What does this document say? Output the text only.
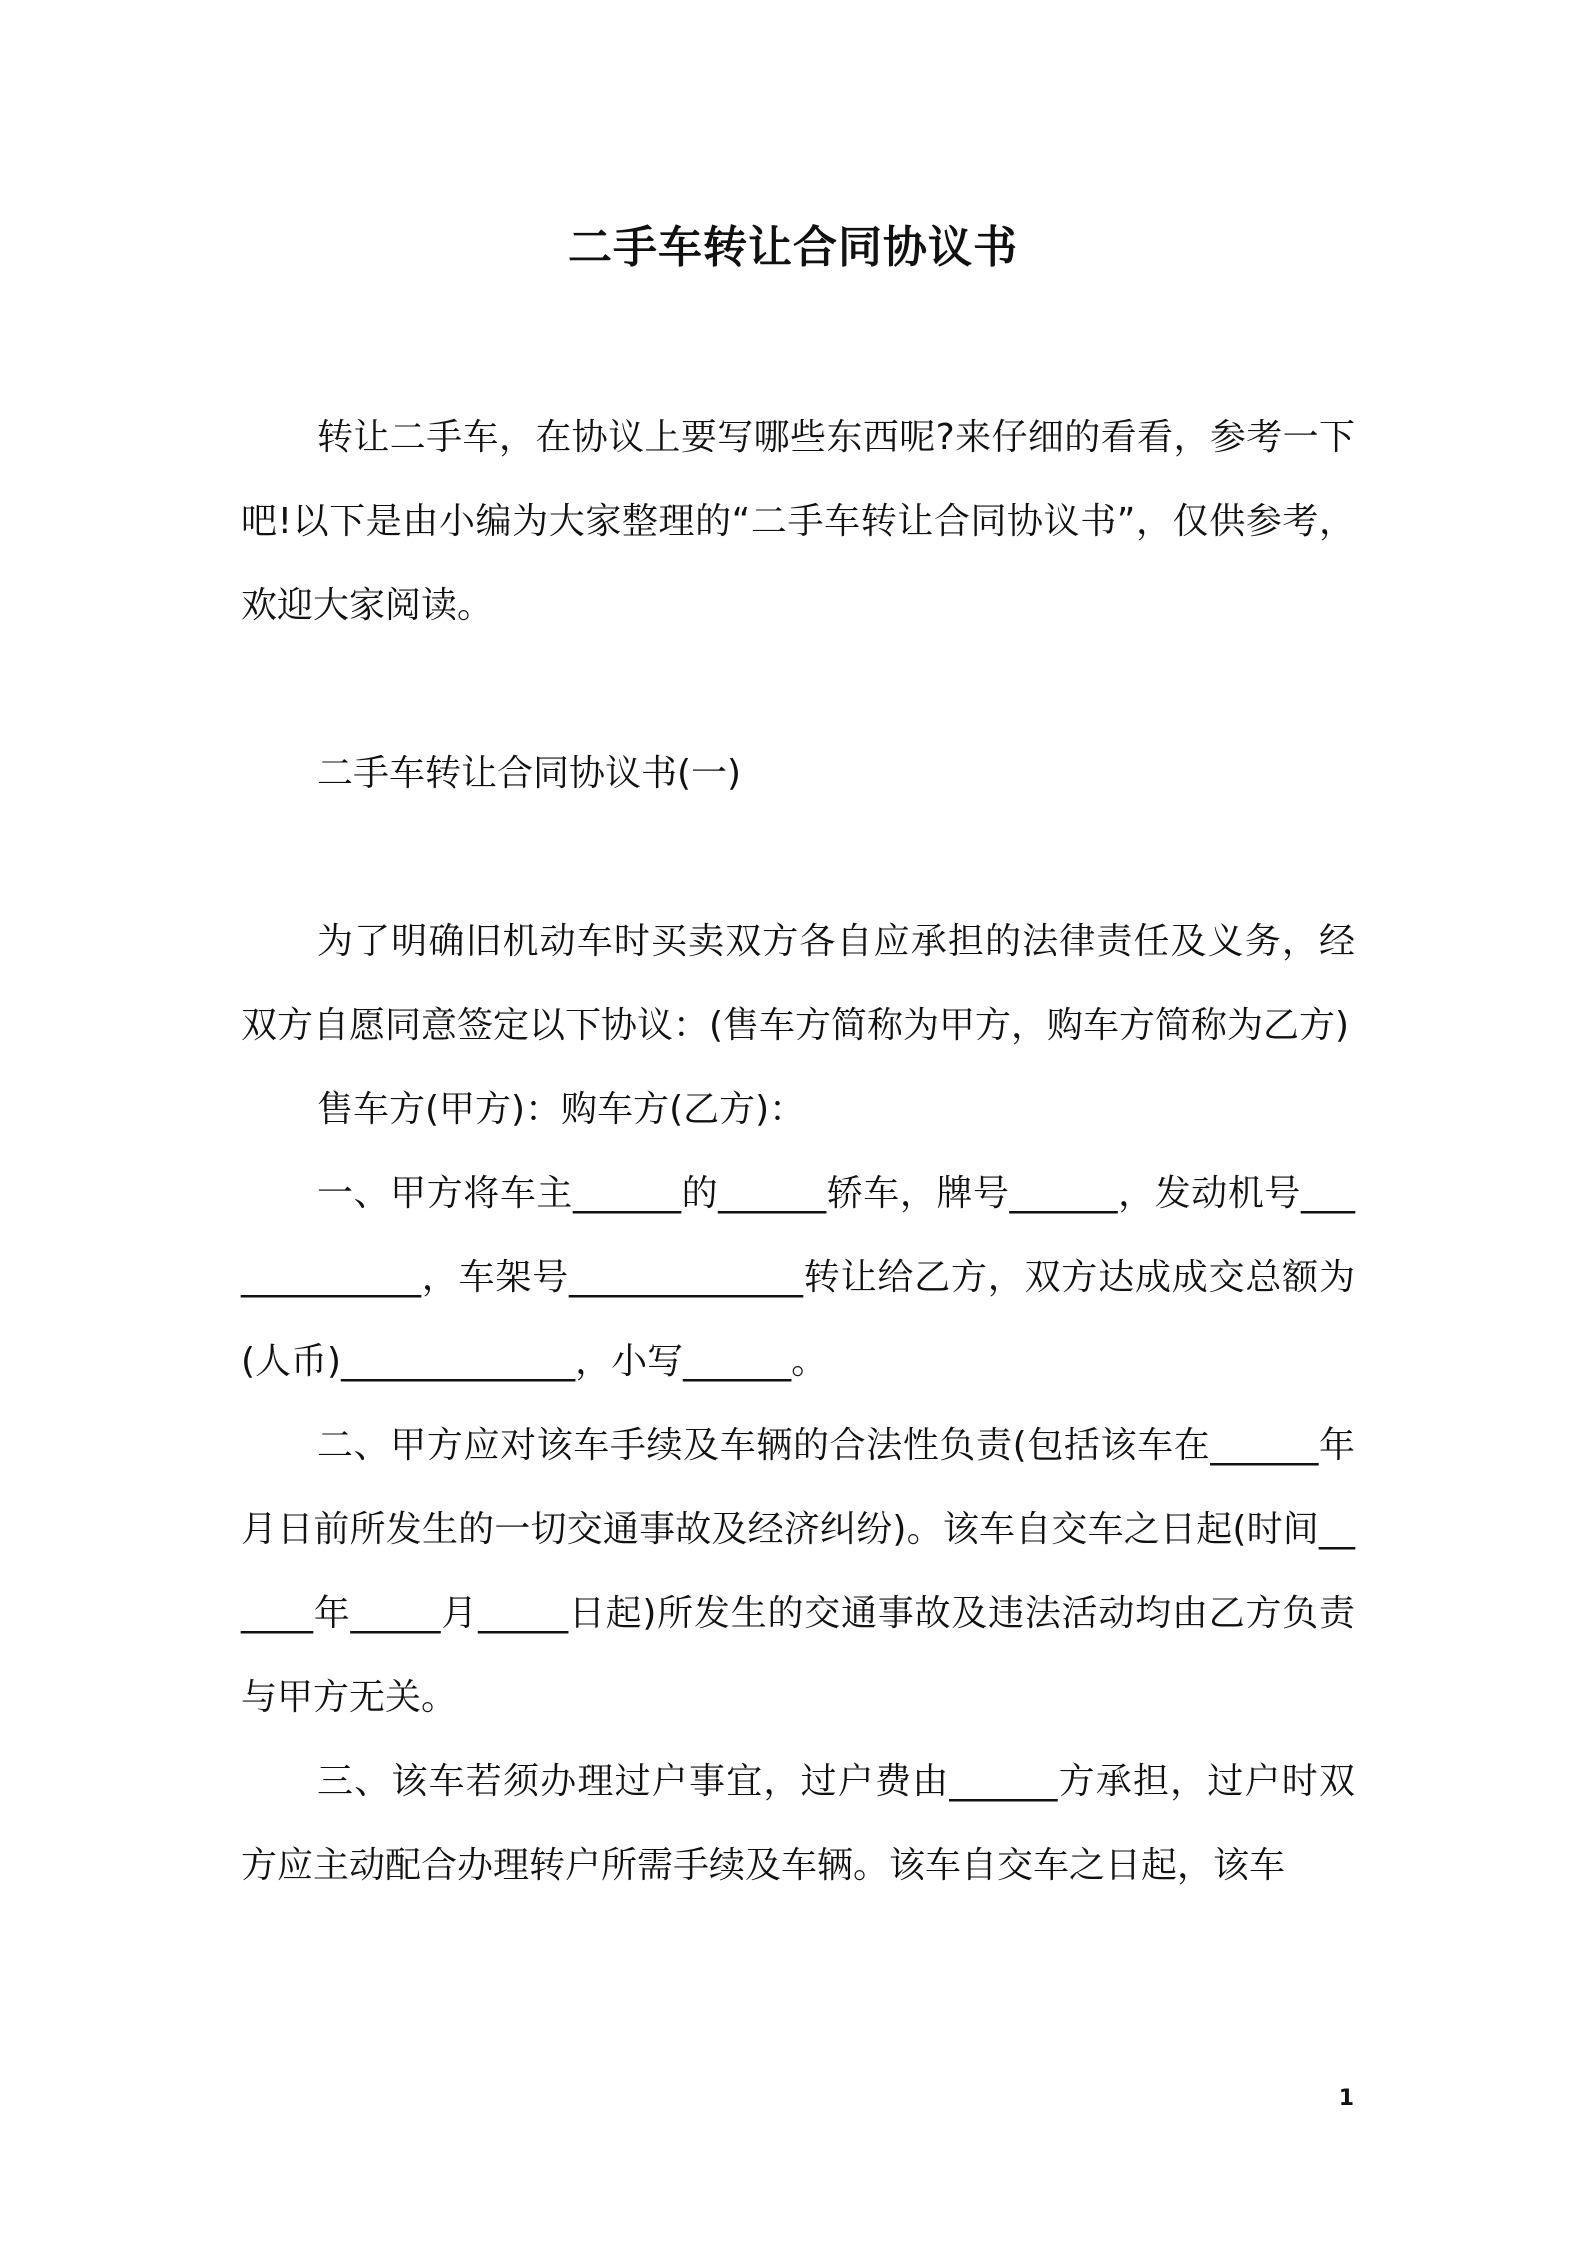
二手车转让合同协议书

转让二手车，在协议上要写哪些东西呢?来仔细的看看，参考一下吧!以下是由小编为大家整理的“二手车转让合同协议书”，仅供参考，欢迎大家阅读。

二手车转让合同协议书(一)

为了明确旧机动车时买卖双方各自应承担的法律责任及义务，经双方自愿同意签定以下协议：(售车方简称为甲方，购车方简称为乙方)

售车方(甲方)：购车方(乙方)：

一、甲方将车主______的______轿车，牌号______，发动机号_____________，车架号_____________转让给乙方，双方达成成交总额为(人币)_____________，小写______。

二、甲方应对该车手续及车辆的合法性负责(包括该车在______年月日前所发生的一切交通事故及经济纠纷)。该车自交车之日起(时间______年_____月_____日起)所发生的交通事故及违法活动均由乙方负责与甲方无关。

三、该车若须办理过户事宜，过户费由______方承担，过户时双方应主动配合办理转户所需手续及车辆。该车自交车之日起，该车

1
